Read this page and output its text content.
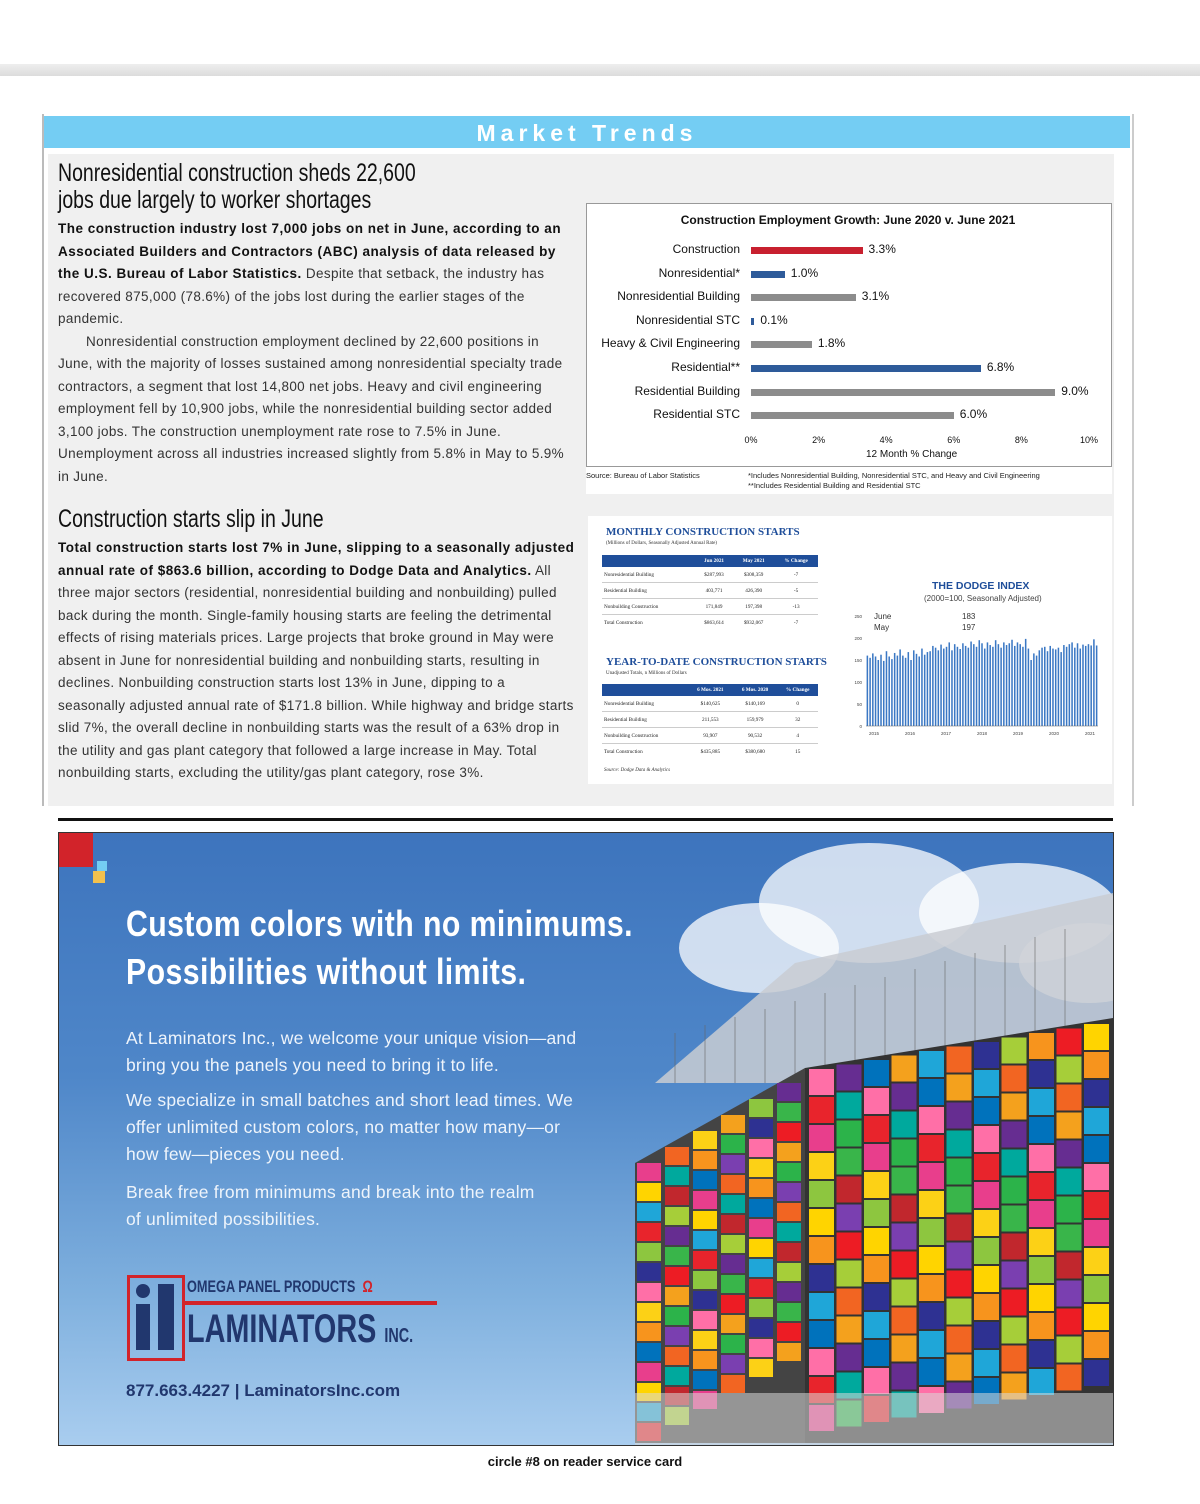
Market Trends
Nonresidential construction sheds 22,600
jobs due largely to worker shortages

The construction industry lost 7,000 jobs on net in June, according to an Associated Builders and Contractors (ABC) analysis of data released by the U.S. Bureau of Labor Statistics. Despite that setback, the industry has recovered 875,000 (78.6%) of the jobs lost during the earlier stages of the pandemic.

Nonresidential construction employment declined by 22,600 positions in June, with the majority of losses sustained among nonresidential specialty trade contractors, a segment that lost 14,800 net jobs. Heavy and civil engineering employment fell by 10,900 jobs, while the nonresidential building sector added 3,100 jobs. The construction unemployment rate rose to 7.5% in June. Unemployment across all industries increased slightly from 5.8% in May to 5.9% in June.

Construction Employment Growth: June 2020 v. June 2021
Construction	3.3%
Nonresidential*	1.0%
Nonresidential Building	3.1%
Nonresidential STC 0.1%
Heavy & Civil Engineering	1.8%
Residential**	6.8%
Residential Building	9.0%
Residential STC	6.0%
0%	2%	4%	6%	8%	10%
12 Month % Change
Source: Bureau of Labor Statistics	*Includes Nonresidential Building, Nonresidential STC, and Heavy and Civil Engineering
**Includes Residential Building and Residential STC
Construction starts slip in June

Total construction starts lost 7% in June, slipping to a seasonally adjusted annual rate of $863.6 billion, according to Dodge Data and Analytics. All three major sectors (residential, nonresidential building and nonbuilding) pulled back during the month. Single-family housing starts are feeling the detrimental effects of rising materials prices. Large projects that broke ground in May were absent in June for nonresidential building and nonbuilding starts, resulting in declines. Nonbuilding construction starts lost 13% in June, dipping to a seasonally adjusted annual rate of $171.8 billion. While highway and bridge starts slid 7%, the overall decline in nonbuilding starts was the result of a 63% drop in the utility and gas plant category that followed a large increase in May. Total nonbuilding starts, excluding the utility/gas plant category, rose 3%.

MONTHLY CONSTRUCTION STARTS
(Millions of Dollars, Seasonally Adjusted Annual Rate)
	Jun 2021	May 2021	% Change
Nonresidential Building	$287,993	$308,359	-7
Residential Building	403,771	426,390	-5
Nonbuilding Construction	171,849	197,398	-13
Total Construction	$863,614	$932,067	-7
YEAR-TO-DATE CONSTRUCTION STARTS
Unadjusted Totals, n Millions of Dollars
	6 Mos. 2021	6 Mos. 2020	% Change
Nonresidential Building	$140,625	$140,169	0
Residential Building	211,553	159,979	32
Nonbuilding Construction	93,907	90,532	4
Total Construction	$435,885	$380,680	15
Source: Dodge Data & Analytics
THE DODGE INDEX
(2000=100, Seasonally Adjusted)
June	183
May	197
0
50
100
150
200
250
2015	2016	2017	2018	2019	2020	2021
Custom colors with no minimums.
Possibilities without limits.
At Laminators Inc., we welcome your unique vision—and bring you the panels you need to bring it to life.
We specialize in small batches and short lead times. We offer unlimited custom colors, no matter how many—or how few—pieces you need.
Break free from minimums and break into the realm of unlimited possibilities.
OMEGA PANEL PRODUCTS Ω
LAMINATORS INC.
877.663.4227 | LaminatorsInc.com
circle #8 on reader service card
